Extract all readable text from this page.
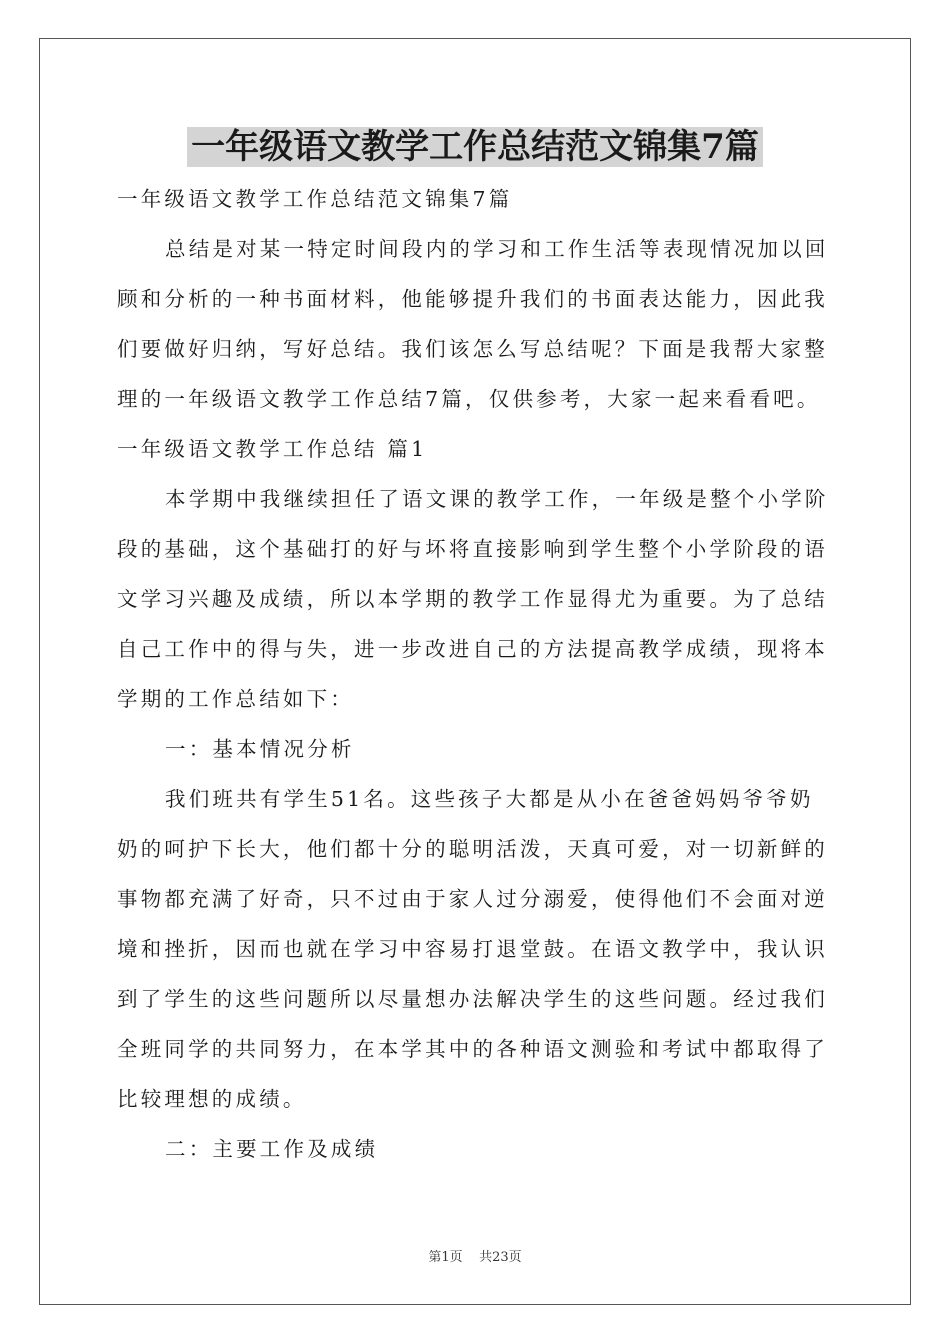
一年级语文教学工作总结范文锦集7篇

一年级语文教学工作总结范文锦集7篇

总结是对某一特定时间段内的学习和工作生活等表现情况加以回

顾和分析的一种书面材料，他能够提升我们的书面表达能力，因此我

们要做好归纳，写好总结。我们该怎么写总结呢？下面是我帮大家整

理的一年级语文教学工作总结7篇，仅供参考，大家一起来看看吧。

一年级语文教学工作总结 篇1

本学期中我继续担任了语文课的教学工作，一年级是整个小学阶

段的基础，这个基础打的好与坏将直接影响到学生整个小学阶段的语

文学习兴趣及成绩，所以本学期的教学工作显得尤为重要。为了总结

自己工作中的得与失，进一步改进自己的方法提高教学成绩，现将本

学期的工作总结如下：

一：基本情况分析

我们班共有学生51名。这些孩子大都是从小在爸爸妈妈爷爷奶

奶的呵护下长大，他们都十分的聪明活泼，天真可爱，对一切新鲜的

事物都充满了好奇，只不过由于家人过分溺爱，使得他们不会面对逆

境和挫折，因而也就在学习中容易打退堂鼓。在语文教学中，我认识

到了学生的这些问题所以尽量想办法解决学生的这些问题。经过我们

全班同学的共同努力，在本学其中的各种语文测验和考试中都取得了

比较理想的成绩。

二：主要工作及成绩

第1页    共23页
